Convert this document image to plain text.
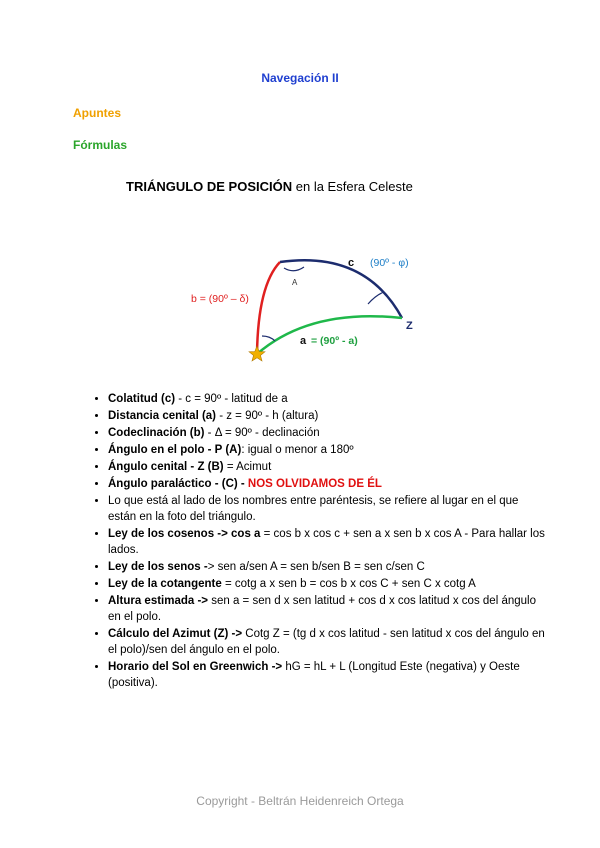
Navegación II
Apuntes
Fórmulas
TRIÁNGULO DE POSICIÓN en la Esfera Celeste
c (90º - φ)
A
b = (90º – δ)
Z
a = (90º - a)
• Colatitud (c) - c = 90º - latitud de a
• Distancia cenital (a) - z = 90º - h (altura)
• Codeclinación (b) - Δ = 90º - declinación
• Ángulo en el polo - P (A): igual o menor a 180º
• Ángulo cenital - Z (B) = Acimut
• Ángulo paraláctico - (C) - NOS OLVIDAMOS DE ÉL
• Lo que está al lado de los nombres entre paréntesis, se refiere al lugar en el que están en la foto del triángulo.
• Ley de los cosenos -> cos a = cos b x cos c + sen a x sen b x cos A - Para hallar los lados.
• Ley de los senos -> sen a/sen A = sen b/sen B = sen c/sen C
• Ley de la cotangente = cotg a x sen b = cos b x cos C + sen C x cotg A
• Altura estimada -> sen a = sen d x sen latitud + cos d x cos latitud x cos del ángulo en el polo.
• Cálculo del Azimut (Z) -> Cotg Z = (tg d x cos latitud - sen latitud x cos del ángulo en el polo)/sen del ángulo en el polo.
• Horario del Sol en Greenwich -> hG = hL + L (Longitud Este (negativa) y Oeste (positiva).
Copyright - Beltrán Heidenreich Ortega
